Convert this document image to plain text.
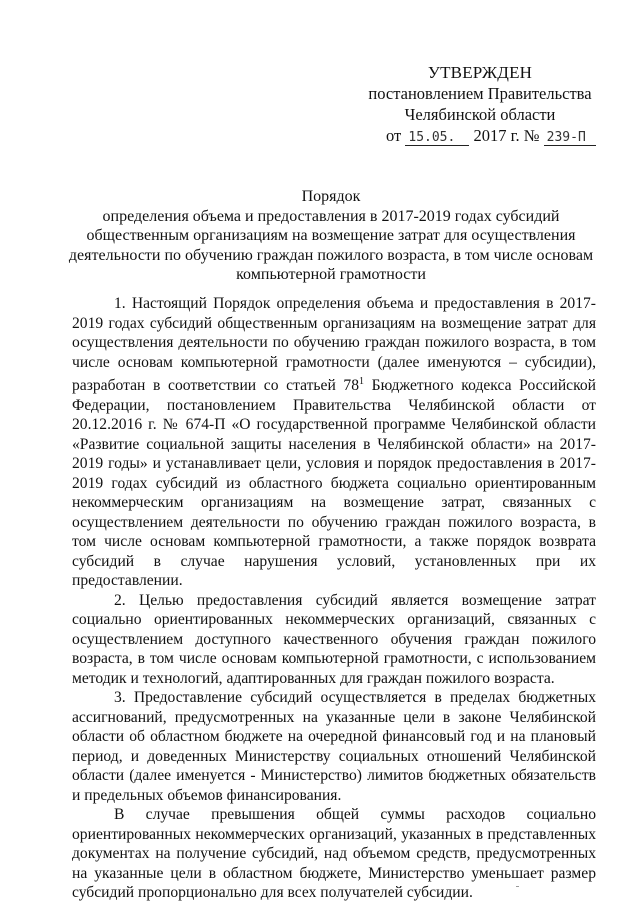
УТВЕРЖДЕН
постановлением Правительства
Челябинской области
от 15.05. 2017 г. № 239-П
Порядок
определения объема и предоставления в 2017-2019 годах субсидий общественным организациям на возмещение затрат для осуществления деятельности по обучению граждан пожилого возраста, в том числе основам компьютерной грамотности

1. Настоящий Порядок определения объема и предоставления в 2017-2019 годах субсидий общественным организациям на возмещение затрат для осуществления деятельности по обучению граждан пожилого возраста, в том числе основам компьютерной грамотности (далее именуются – субсидии), разработан в соответствии со статьей $78^1$ Бюджетного кодекса Российской Федерации, постановлением Правительства Челябинской области от 20.12.2016 г. № 674-П «О государственной программе Челябинской области «Развитие социальной защиты населения в Челябинской области» на 2017-2019 годы» и устанавливает цели, условия и порядок предоставления в 2017-2019 годах субсидий из областного бюджета социально ориентированным некоммерческим организациям на возмещение затрат, связанных с осуществлением деятельности по обучению граждан пожилого возраста, в том числе основам компьютерной грамотности, а также порядок возврата субсидий в случае нарушения условий, установленных при их предоставлении.

2. Целью предоставления субсидий является возмещение затрат социально ориентированных некоммерческих организаций, связанных с осуществлением доступного качественного обучения граждан пожилого возраста, в том числе основам компьютерной грамотности, с использованием методик и технологий, адаптированных для граждан пожилого возраста.

3. Предоставление субсидий осуществляется в пределах бюджетных ассигнований, предусмотренных на указанные цели в законе Челябинской области об областном бюджете на очередной финансовый год и на плановый период, и доведенных Министерству социальных отношений Челябинской области (далее именуется - Министерство) лимитов бюджетных обязательств и предельных объемов финансирования.

В случае превышения общей суммы расходов социально ориентированных некоммерческих организаций, указанных в представленных документах на получение субсидий, над объемом средств, предусмотренных на указанные цели в областном бюджете, Министерство уменьшает размер субсидий пропорционально для всех получателей субсидии.
